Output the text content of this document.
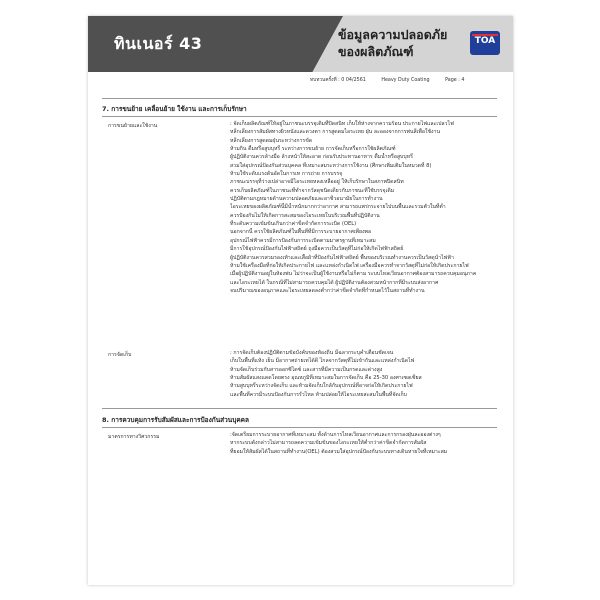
ทินเนอร์ 43	ข้อมูลความปลอดภัย
ของผลิตภัณฑ์
TOA
ทบทวนครั้งที่ : 0 04/2561	Heavy Duty Coating	Page : 4
7. การขนย้าย เคลื่อนย้าย ใช้งาน และการเก็บรักษา
การขนย้ายและใช้งาน	: จัดเก็บผลิตภัณฑ์ให้อยู่ในภาชนะบรรจุเดิมที่ปิดสนิท เก็บให้ห่างจากความร้อน ประกายไฟและเปลวไฟ
หลีกเลี่ยงการสัมผัสทางผิวหนังและดวงตา การสูดดมไอระเหย ฝุ่น ละอองจากการพ่นสีเพื่อใช้งาน
หลีกเลี่ยงการสูดดมฝุ่นระหว่างการขัด
ห้ามกิน ดื่มหรือสูบบุหรี่ ระหว่างการขนย้าย การจัดเก็บหรือการใช้ผลิตภัณฑ์
ผู้ปฏิบัติงานควรล้างมือ ล้างหน้าให้สะอาด ก่อนรับประทานอาหาร ดื่มน้ำหรือสูบบุหรี่
สวมใส่อุปกรณ์ป้องกันส่วนบุคคล ที่เหมาะสมระหว่างการใช้งาน (ศึกษาเพิ่มเติมในหมวดที่ 8)
ห้ามใช้ระดับแรงดันอัดในการเท การถ่าย การบรรจุ
ภาชนะบรรจุที่ว่างเปล่าอาจมีไอระเหยหลงเหลืออยู่ ให้เก็บรักษาในสภาพปิดสนิท
ควรเก็บผลิตภัณฑ์ในภาชนะที่ทำจากวัสดุชนิดเดียวกับภาชนะที่ใช้บรรจุเดิม
ปฏิบัติตามกฎหมายด้านความปลอดภัยและอาชีวอนามัยในการทำงาน
ไอระเหยของผลิตภัณฑ์นี้มีน้ำหนักมากกว่าอากาศ สามารถแพร่กระจายไปบนพื้นและรวมตัวในที่ต่ำ
ควรป้องกันไม่ให้เกิดการสะสมของไอระเหยในบริเวณพื้นที่ปฏิบัติงาน
ที่ระดับความเข้มข้นเกินกว่าค่าขีดจำกัดการระเบิด (OEL)
นอกจากนี้ ควรใช้ผลิตภัณฑ์ในพื้นที่ที่มีการระบายอากาศเพียงพอ
อุปกรณ์ไฟฟ้าควรมีการป้องกันการระเบิดตามมาตรฐานที่เหมาะสม
มีการใช้อุปกรณ์ป้องกันไฟฟ้าสถิตย์ ถุงมือควรเป็นวัสดุที่ไม่ก่อให้เกิดไฟฟ้าสถิตย์
ผู้ปฏิบัติงานควรสวมรองเท้าและเสื้อผ้าที่ป้องกันไฟฟ้าสถิตย์ พื้นของบริเวณทำงานควรเป็นวัสดุนำไฟฟ้า
ห้ามใช้เครื่องมือที่ก่อให้เกิดประกายไฟ และแหล่งกำเนิดไฟ เครื่องมือควรทำจากวัสดุที่ไม่ก่อให้เกิดประกายไฟ
เมื่อผู้ปฏิบัติงานอยู่ในห้องพ่น ไม่ว่าจะเป็นผู้ใช้งานหรือไม่ก็ตาม ระบบไหลเวียนอากาศต้องสามารถควบคุมอนุภาค
และไอระเหยได้ ในกรณีที่ไม่สามารถควบคุมได้ ผู้ปฏิบัติงานต้องสวมหน้ากากที่มีระบบส่งอากาศ
จนปริมาณของอนุภาคและไอระเหยลดลงต่ำกว่าค่าขีดจำกัดที่กำหนดไว้ในสถานที่ทำงาน
การจัดเก็บ	: การจัดเก็บต้องปฏิบัติตามข้อบังคับของท้องถิ่น มีฉลากระบุคำเตือนชัดเจน
เก็บในพื้นที่แห้ง เย็น มีอากาศถ่ายเทได้ดี ไกลจากวัสดุที่ไม่เข้ากันและแหล่งกำเนิดไฟ
ห้ามจัดเก็บร่วมกับสารออกซิไดซ์ และสารที่มีความเป็นกรดและด่างสูง
ห้ามสัมผัสแสงแดดโดยตรง อุณหภูมิที่เหมาะสมในการจัดเก็บ คือ 25-30 องศาเซลเซียส
ห้ามสูบบุหรี่ระหว่างจัดเก็บ และห้ามจัดเก็บใกล้กับอุปกรณ์ที่อาจก่อให้เกิดประกายไฟ
และพื้นที่ควรมีระบบป้องกันการรั่วไหล ห้ามปล่อยให้ไอระเหยสะสมในพื้นที่จัดเก็บ
8. การควบคุมการรับสัมผัสและการป้องกันส่วนบุคคล
มาตรการทางวิศวกรรม	:จัดเตรียมการระบายอากาศที่เหมาะสม ทั้งด้านการไหลเวียนอากาศและการกรองฝุ่นละอองต่างๆ
หากระบบดังกล่าวไม่สามารถลดความเข้มข้นของไอระเหยให้ต่ำกว่าค่าขีดจำกัดการสัมผัส
ที่ยอมให้สัมผัสได้ในสถานที่ทำงาน(OEL) ต้องสวมใส่อุปกรณ์ป้องกันระบบทางเดินหายใจที่เหมาะสม
